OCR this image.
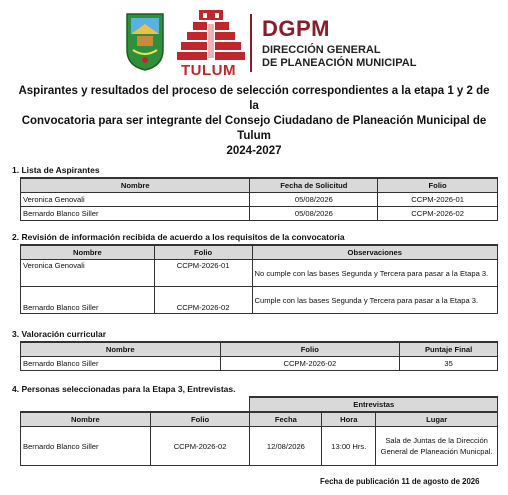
TULUM
DGPM
DIRECCIÓN GENERAL
DE PLANEACIÓN MUNICIPAL
Aspirantes y resultados del proceso de selección correspondientes a la etapa 1 y 2 de la
Convocatoria para ser integrante del Consejo Ciudadano de Planeación Municipal de Tulum
2024-2027
1. Lista de Aspirantes
Nombre	Fecha de Solicitud	Folio
Veronica Genovali	05/08/2026	CCPM-2026-01
Bernardo Blanco Siller	05/08/2026	CCPM-2026-02
2. Revisión de información recibida de acuerdo a los requisitos de la convocatoria
Nombre	Folio	Observaciones
Veronica Genovali	CCPM-2026-01	No cumple con las bases Segunda y Tercera para pasar a la Etapa 3.
Bernardo Blanco Siller	CCPM-2026-02	Cumple con las bases Segunda y Tercera para pasar a la Etapa 3.
3. Valoración curricular
Nombre	Folio	Puntaje Final
Bernardo Blanco Siller	CCPM-2026-02	35
4. Personas seleccionadas para la Etapa 3, Entrevistas.
		Entrevistas		
Nombre	Folio	Fecha	Hora	Lugar
Bernardo Blanco Siller	CCPM-2026-02	12/08/2026	13:00 Hrs.	Sala de Juntas de la Dirección General de Planeación Municpal.
Fecha de publicación 11 de agosto de 2026
